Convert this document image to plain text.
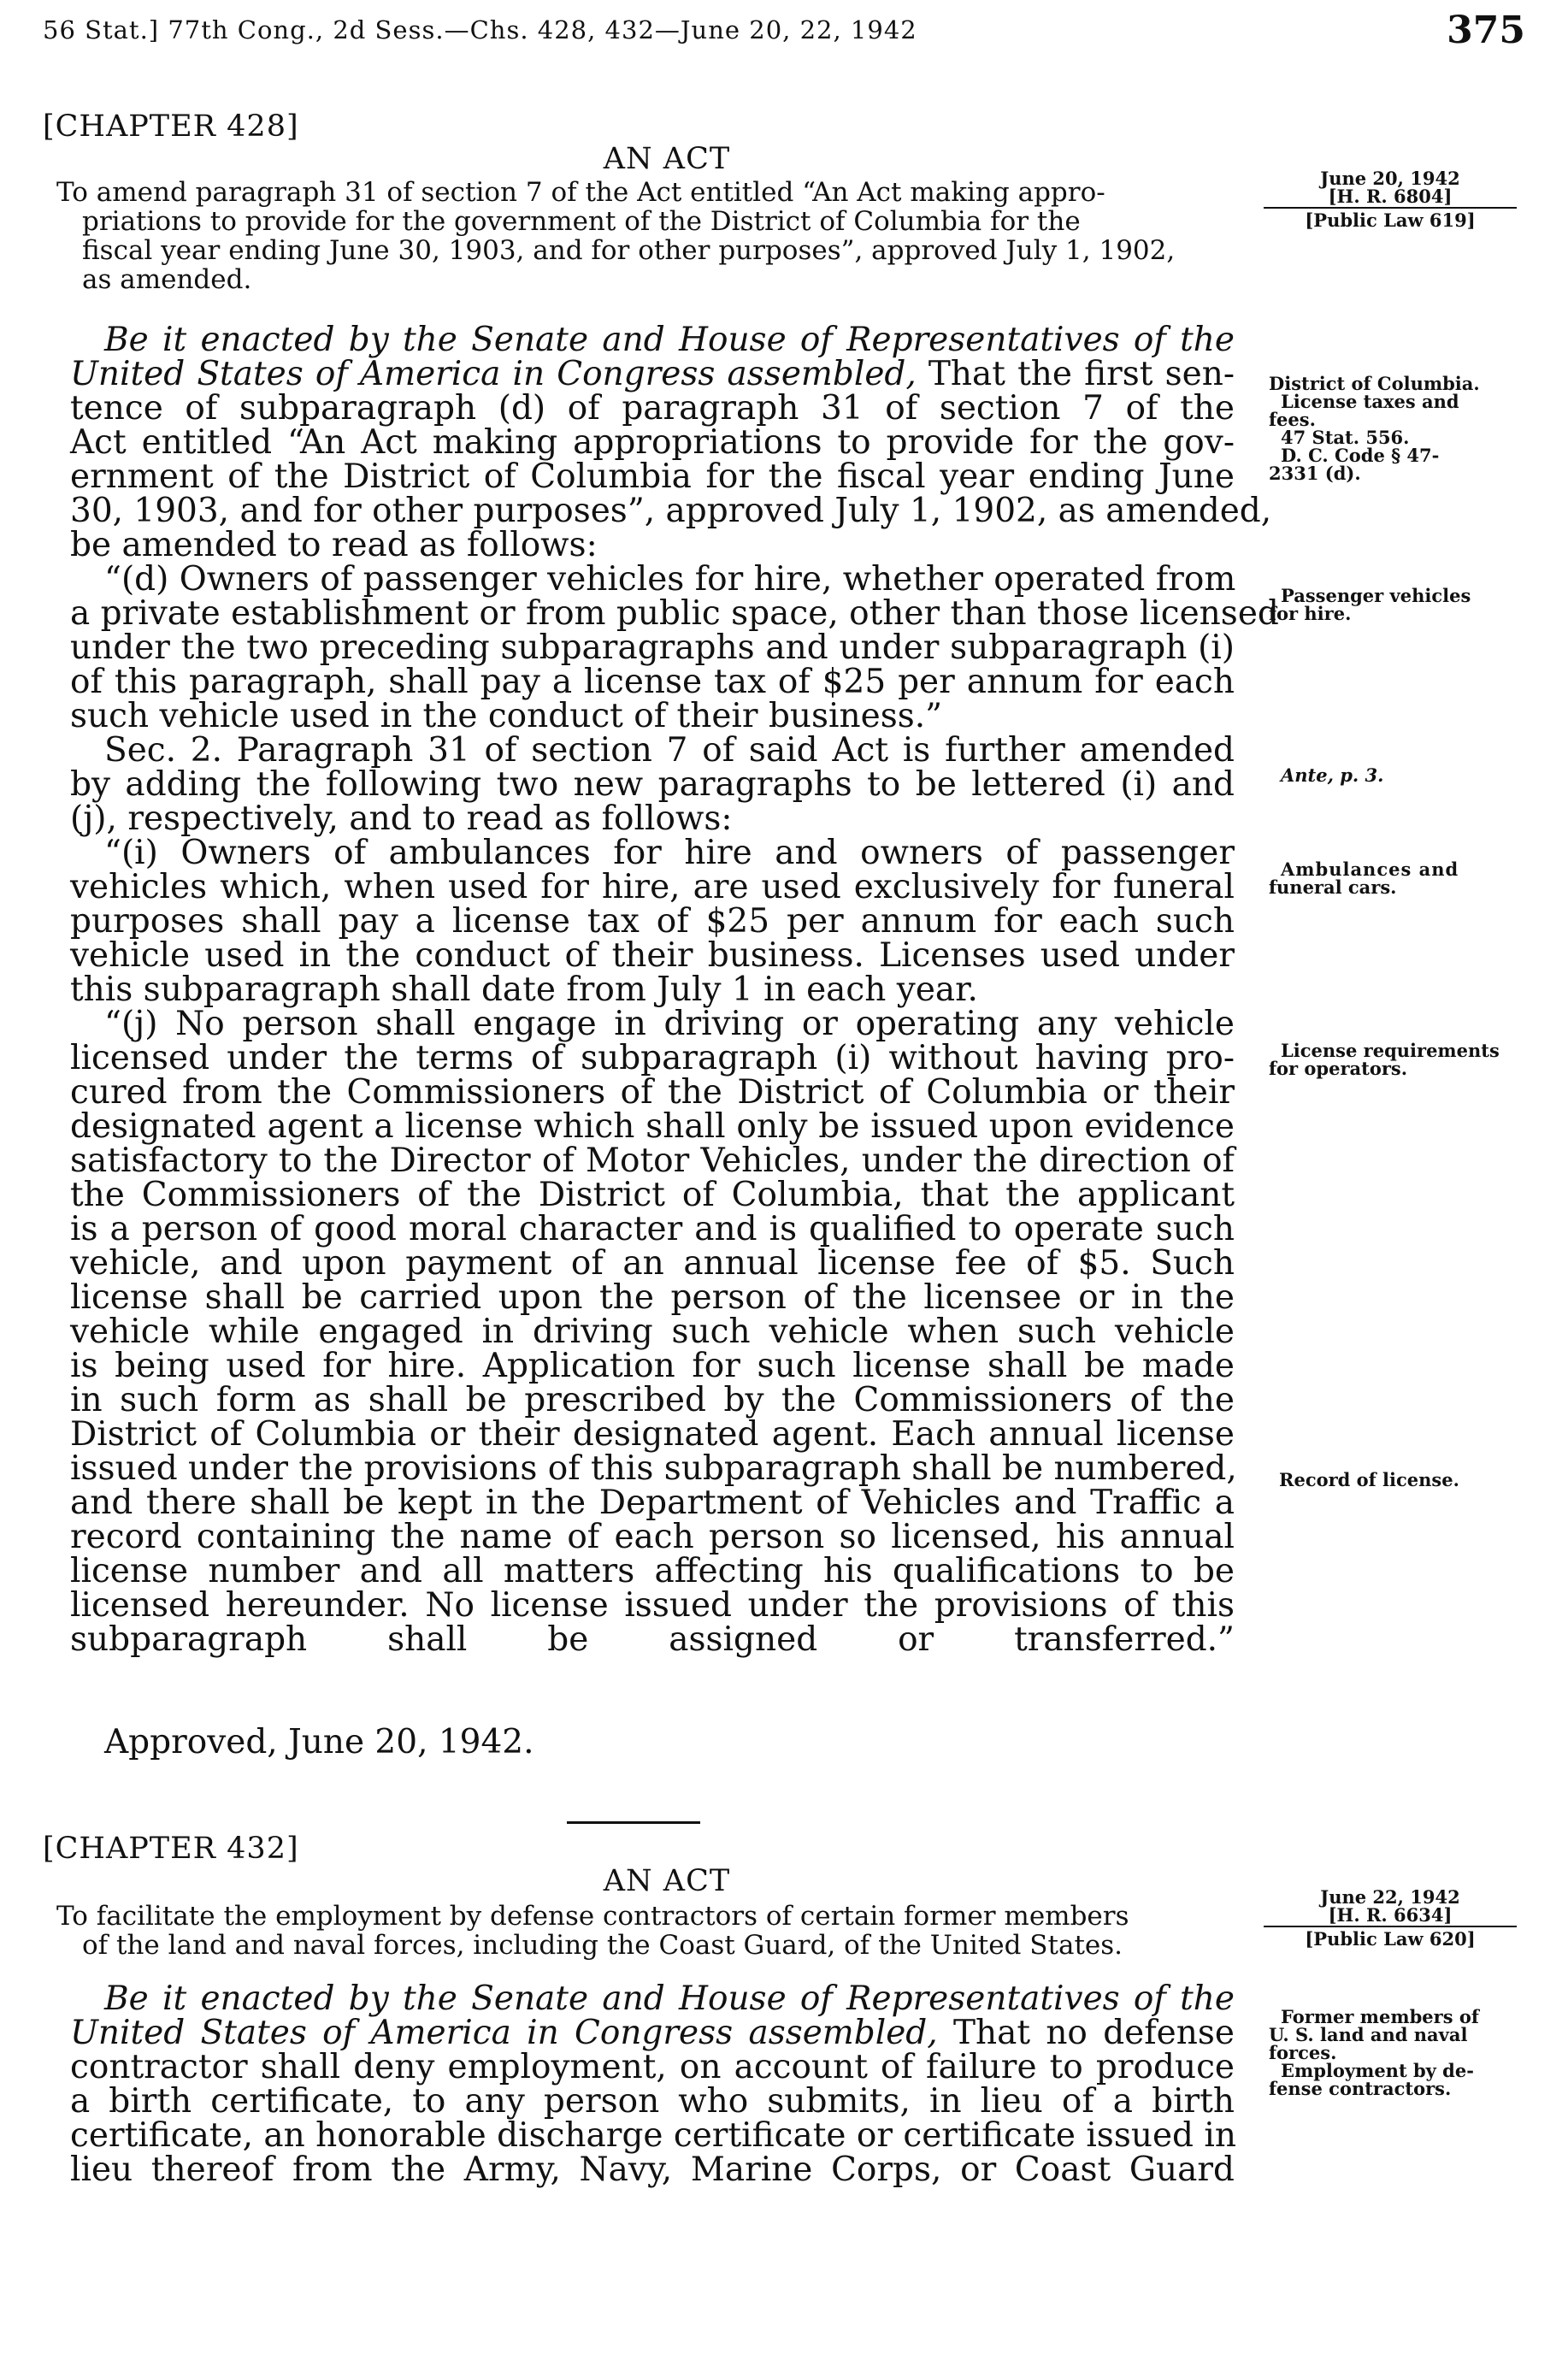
56 Stat.] 77th Cong., 2d Sess.—Chs. 428, 432—June 20, 22, 1942	375
[CHAPTER 428]
AN ACT
June 20, 1942
[H. R. 6804]
[Public Law 619]
To amend paragraph 31 of section 7 of the Act entitled “An Act making appro-
priations to provide for the government of the District of Columbia for the
fiscal year ending June 30, 1903, and for other purposes”, approved July 1, 1902,
as amended.
Be it enacted by the Senate and House of Representatives of the
United States of America in Congress assembled, That the first sen-
tence of subparagraph (d) of paragraph 31 of section 7 of the
Act entitled “An Act making appropriations to provide for the gov-
ernment of the District of Columbia for the fiscal year ending June
30, 1903, and for other purposes”, approved July 1, 1902, as amended,
be amended to read as follows:
“(d) Owners of passenger vehicles for hire, whether operated from
a private establishment or from public space, other than those licensed
under the two preceding subparagraphs and under subparagraph (i)
of this paragraph, shall pay a license tax of $25 per annum for each
such vehicle used in the conduct of their business.”
Sec. 2. Paragraph 31 of section 7 of said Act is further amended
by adding the following two new paragraphs to be lettered (i) and
(j), respectively, and to read as follows:
“(i) Owners of ambulances for hire and owners of passenger
vehicles which, when used for hire, are used exclusively for funeral
purposes shall pay a license tax of $25 per annum for each such
vehicle used in the conduct of their business. Licenses used under
this subparagraph shall date from July 1 in each year.
“(j) No person shall engage in driving or operating any vehicle
licensed under the terms of subparagraph (i) without having pro-
cured from the Commissioners of the District of Columbia or their
designated agent a license which shall only be issued upon evidence
satisfactory to the Director of Motor Vehicles, under the direction of
the Commissioners of the District of Columbia, that the applicant
is a person of good moral character and is qualified to operate such
vehicle, and upon payment of an annual license fee of $5. Such
license shall be carried upon the person of the licensee or in the
vehicle while engaged in driving such vehicle when such vehicle
is being used for hire. Application for such license shall be made
in such form as shall be prescribed by the Commissioners of the
District of Columbia or their designated agent. Each annual license
issued under the provisions of this subparagraph shall be numbered,
and there shall be kept in the Department of Vehicles and Traffic a
record containing the name of each person so licensed, his annual
license number and all matters affecting his qualifications to be
licensed hereunder. No license issued under the provisions of this
subparagraph shall be assigned or transferred.”
District of Columbia.
License taxes and
fees.
47 Stat. 556.
D. C. Code § 47-
2331 (d).
Passenger vehicles
for hire.
Ante, p. 3.
Ambulances and
funeral cars.
License requirements
for operators.
Record of license.
Approved, June 20, 1942.
[CHAPTER 432]
AN ACT	June 22, 1942
[H. R. 6634]
[Public Law 620]
To facilitate the employment by defense contractors of certain former members
of the land and naval forces, including the Coast Guard, of the United States.
Be it enacted by the Senate and House of Representatives of the
United States of America in Congress assembled, That no defense
contractor shall deny employment, on account of failure to produce
a birth certificate, to any person who submits, in lieu of a birth
certificate, an honorable discharge certificate or certificate issued in
lieu thereof from the Army, Navy, Marine Corps, or Coast Guard
Former members of
U. S. land and naval
forces.
Employment by de-
fense contractors.
